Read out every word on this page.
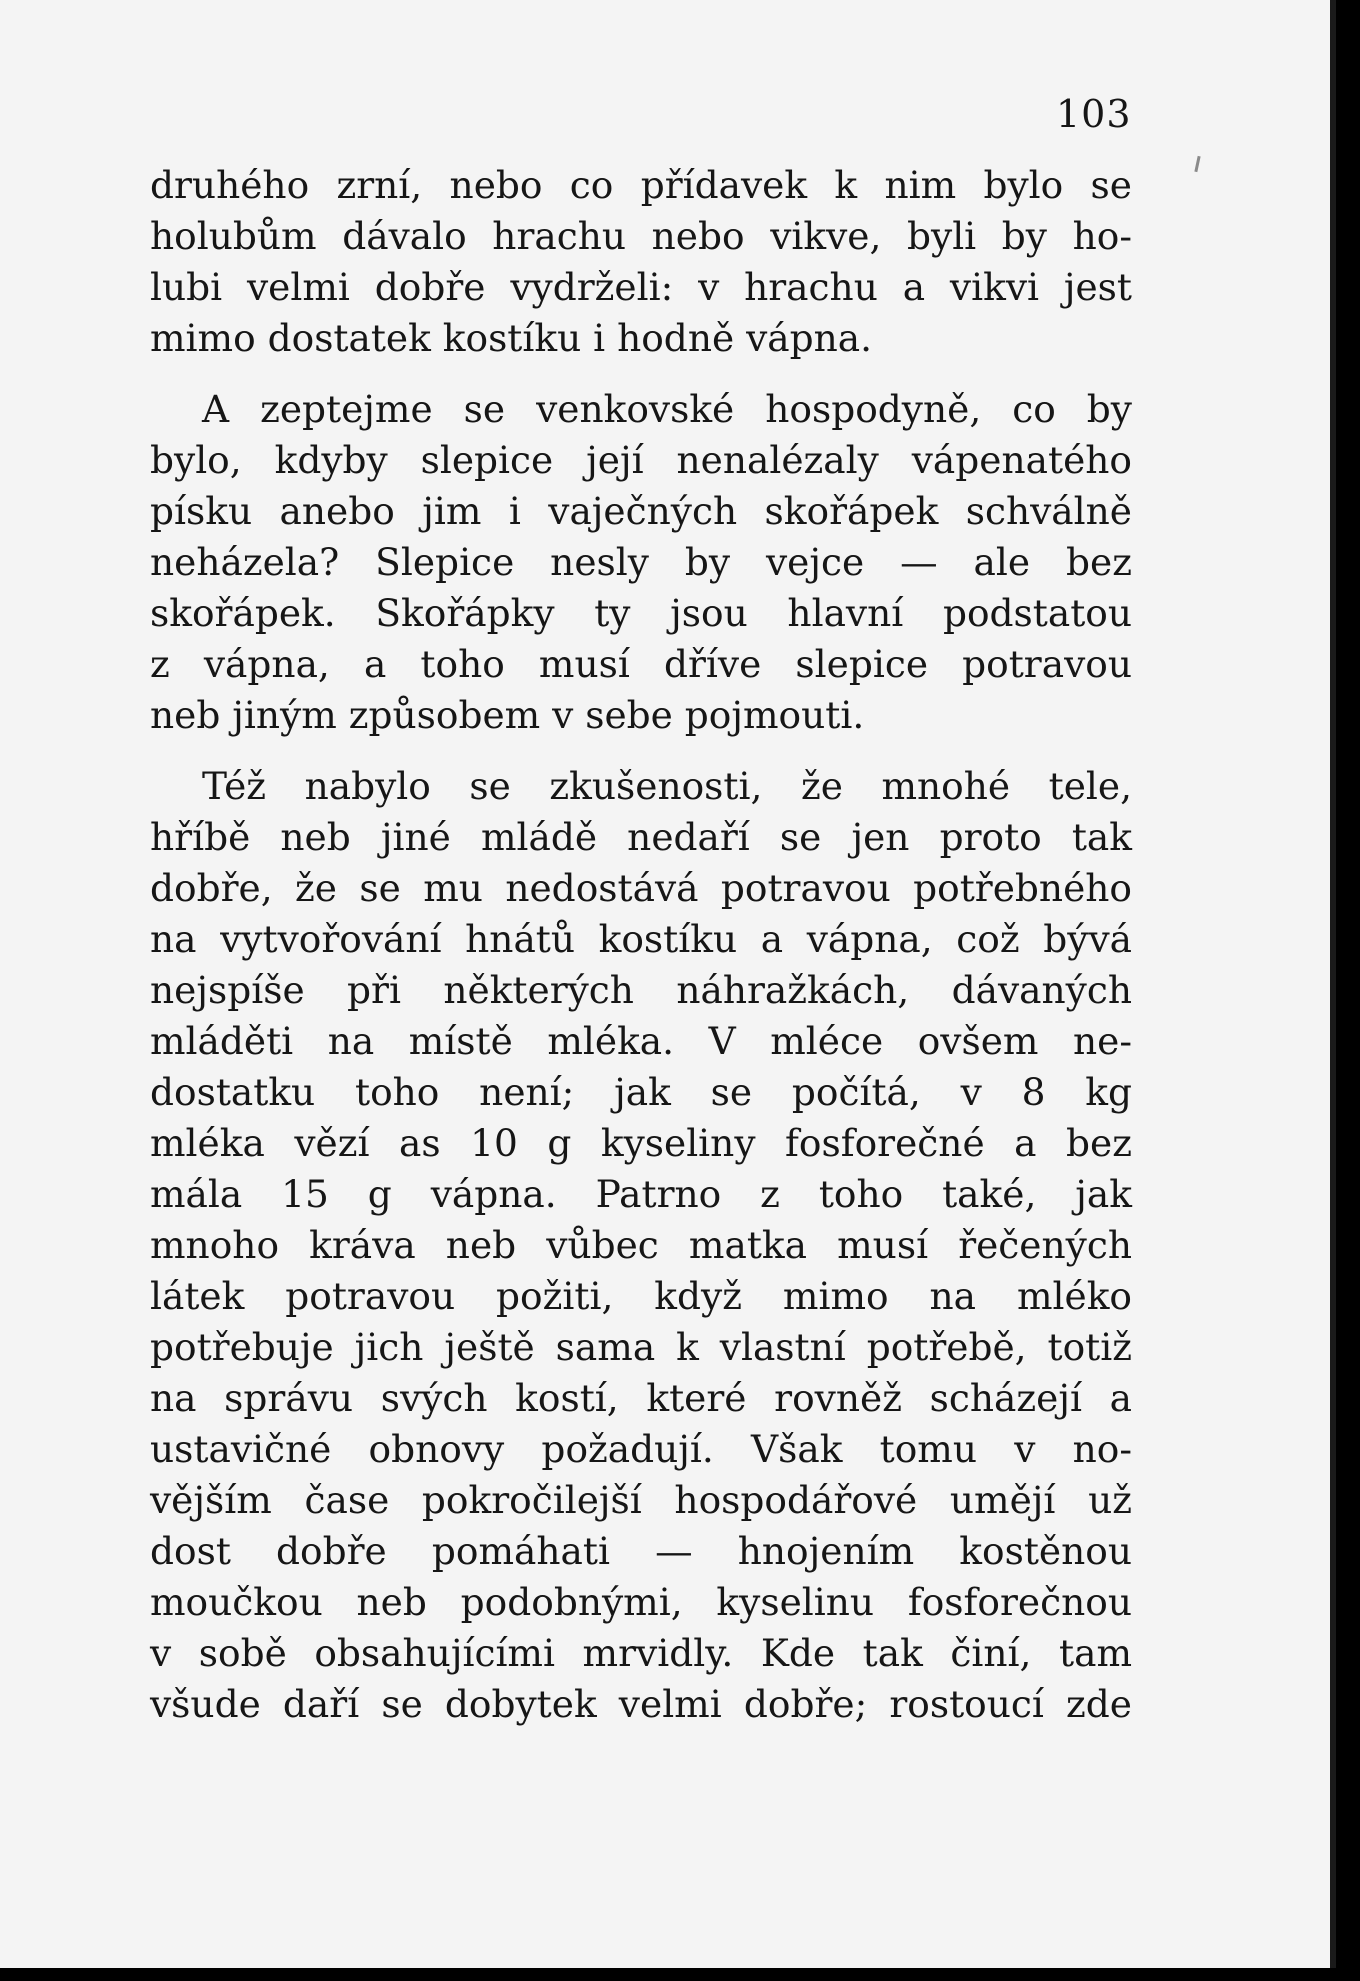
103
druhého zrní, nebo co přídavek k nim bylo se
holubům dávalo hrachu nebo vikve, byli by ho-
lubi velmi dobře vydrželi: v hrachu a vikvi jest
mimo dostatek kostíku i hodně vápna.
A zeptejme se venkovské hospodyně, co by
bylo, kdyby slepice její nenalézaly vápenatého
písku anebo jim i vaječných skořápek schválně
neházela? Slepice nesly by vejce — ale bez
skořápek. Skořápky ty jsou hlavní podstatou
z vápna, a toho musí dříve slepice potravou
neb jiným způsobem v sebe pojmouti.
Též nabylo se zkušenosti, že mnohé tele,
hříbě neb jiné mládě nedaří se jen proto tak
dobře, že se mu nedostává potravou potřebného
na vytvořování hnátů kostíku a vápna, což bývá
nejspíše při některých náhražkách, dávaných
mláděti na místě mléka. V mléce ovšem ne-
dostatku toho není; jak se počítá, v 8 kg
mléka vězí as 10 g kyseliny fosforečné a bez
mála 15 g vápna. Patrno z toho také, jak
mnoho kráva neb vůbec matka musí řečených
látek potravou požiti, když mimo na mléko
potřebuje jich ještě sama k vlastní potřebě, totiž
na správu svých kostí, které rovněž scházejí a
ustavičné obnovy požadují. Však tomu v no-
vějším čase pokročilejší hospodářové umějí už
dost dobře pomáhati — hnojením kostěnou
moučkou neb podobnými, kyselinu fosforečnou
v sobě obsahujícími mrvidly. Kde tak činí, tam
všude daří se dobytek velmi dobře; rostoucí zde
